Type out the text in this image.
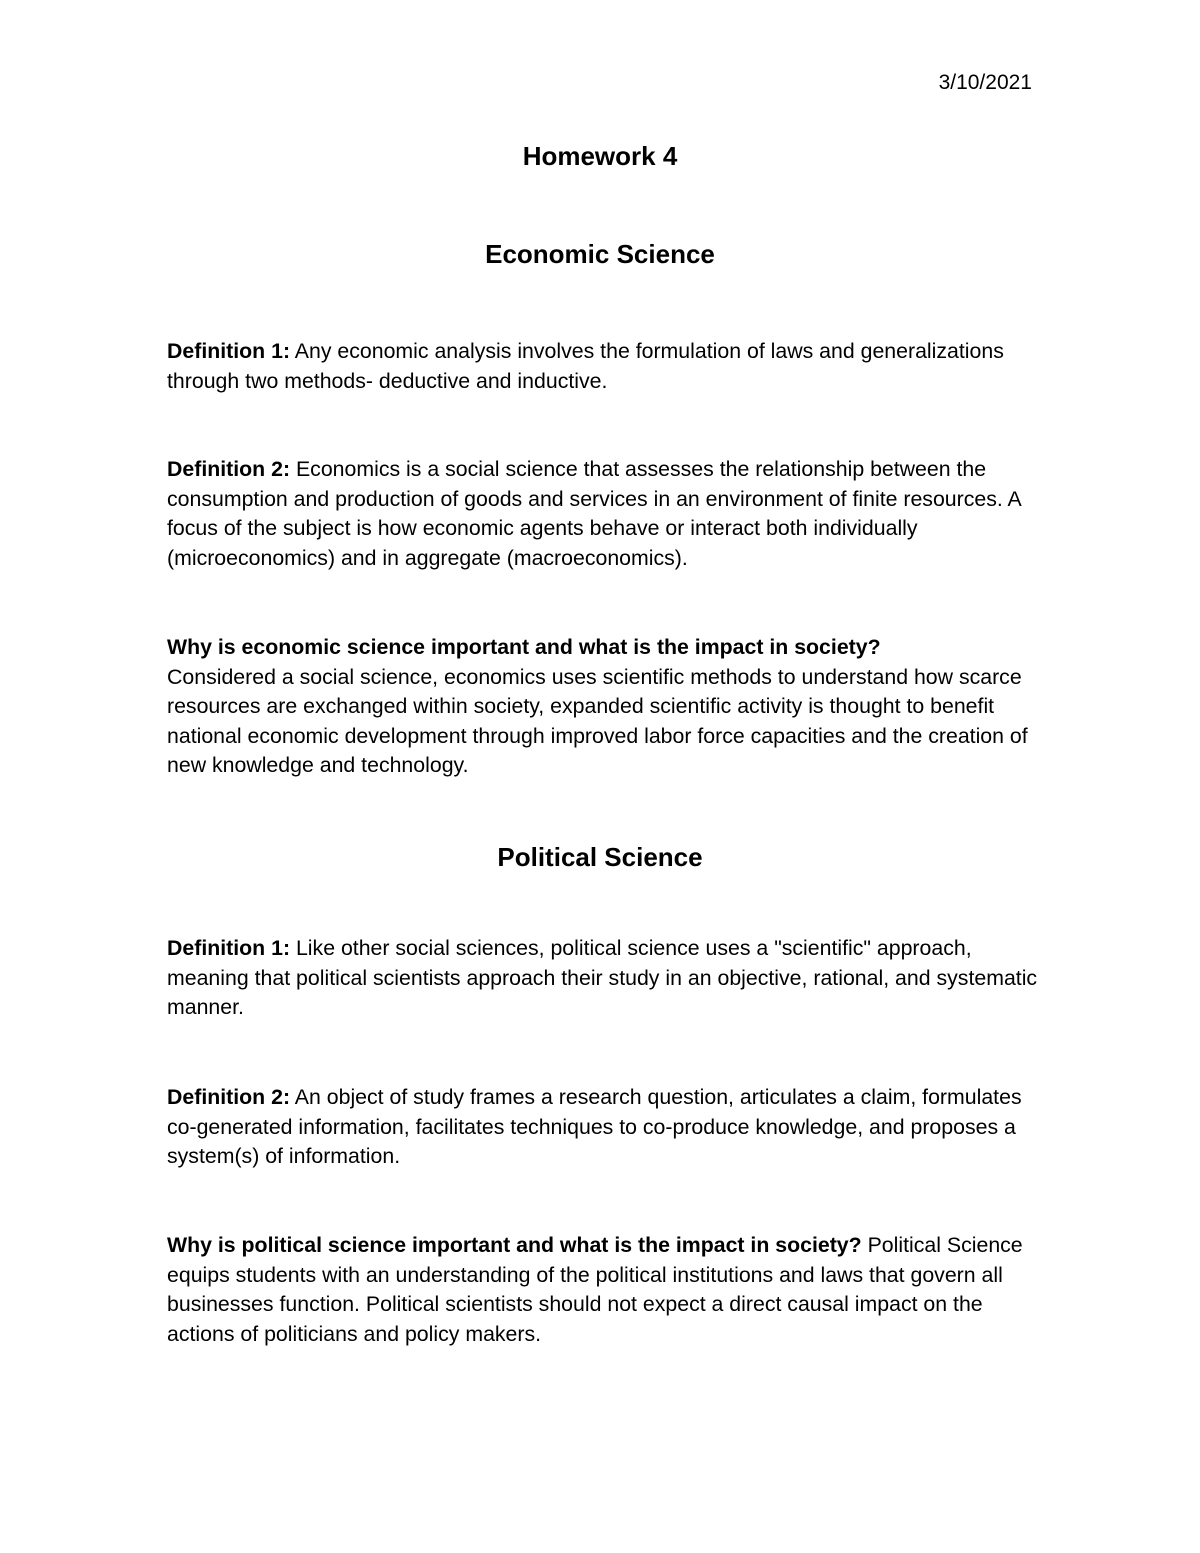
3/10/2021
Homework 4
Economic Science

Definition 1: Any economic analysis involves the formulation of laws and generalizations through two methods- deductive and inductive.

Definition 2: Economics is a social science that assesses the relationship between the consumption and production of goods and services in an environment of finite resources. A focus of the subject is how economic agents behave or interact both individually (microeconomics) and in aggregate (macroeconomics).

Why is economic science important and what is the impact in society?
Considered a social science, economics uses scientific methods to understand how scarce resources are exchanged within society, expanded scientific activity is thought to benefit national economic development through improved labor force capacities and the creation of new knowledge and technology.

Political Science

Definition 1: Like other social sciences, political science uses a "scientific" approach, meaning that political scientists approach their study in an objective, rational, and systematic manner.

Definition 2: An object of study frames a research question, articulates a claim, formulates co-generated information, facilitates techniques to co-produce knowledge, and proposes a system(s) of information.

Why is political science important and what is the impact in society? Political Science equips students with an understanding of the political institutions and laws that govern all businesses function. Political scientists should not expect a direct causal impact on the actions of politicians and policy makers.
